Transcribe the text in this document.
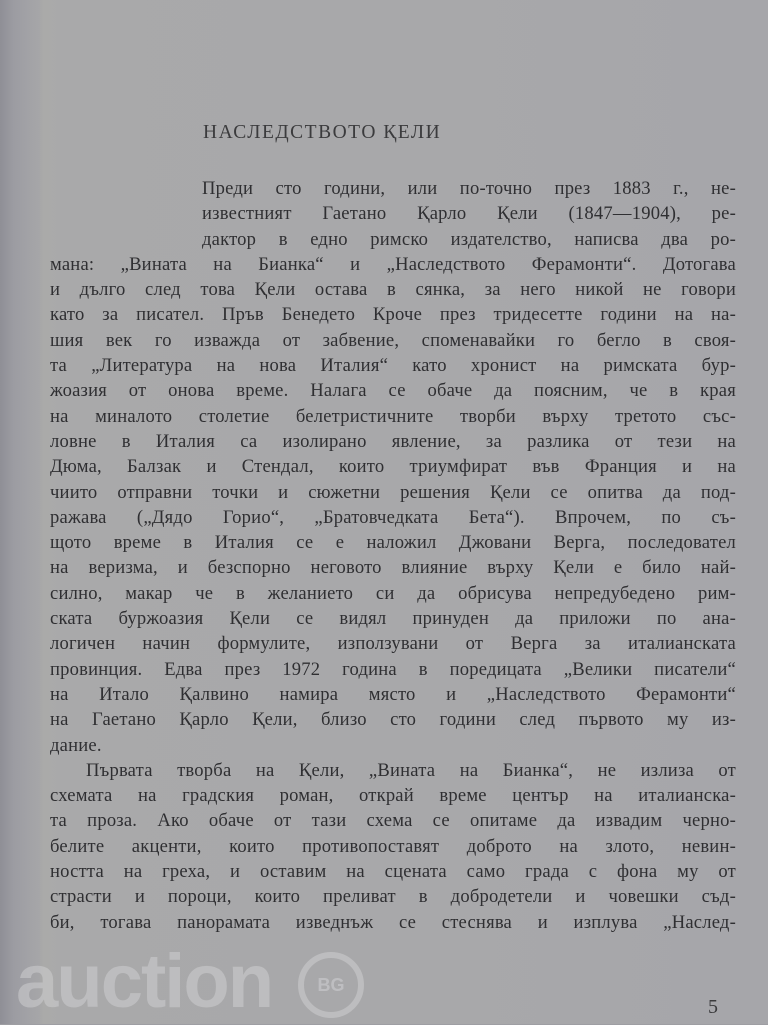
НАСЛЕДСТВОТО ҚЕЛИ
Преди сто години, или по-точно през 1883 г., не-
известният Гаетано Қарло Қели (1847—1904), ре-
дактор в едно римско издателство, написва два ро-
мана: „Вината на Бианка“ и „Наследството Ферамонти“. Дотогава
и дълго след това Қели остава в сянка, за него никой не говори
като за писател. Пръв Бенедето Кроче през тридесетте години на на-
шия век го изважда от забвение, споменавайки го бегло в своя-
та „Литература на нова Италия“ като хронист на римската бур-
жоазия от онова време. Налага се обаче да поясним, че в края
на миналото столетие белетристичните творби върху третото със-
ловне в Италия са изолирано явление, за разлика от тези на
Дюма, Балзак и Стендал, които триумфират във Франция и на
чиито отправни точки и сюжетни решения Қели се опитва да под-
ражава („Дядо Горио“, „Братовчедката Бета“). Впрочем, по съ-
щото време в Италия се е наложил Джовани Верга, последовател
на веризма, и безспорно неговото влияние върху Қели е било най-
силно, макар че в желанието си да обрисува непредубедено рим-
ската буржоазия Қели се видял принуден да приложи по ана-
логичен начин формулите, използувани от Верга за италианската
провинция. Едва през 1972 година в поредицата „Велики писатели“
на Итало Қалвино намира място и „Наследството Ферамонти“
на Гаетано Қарло Қели, близо сто години след първото му из-
дание.
Първата творба на Қели, „Вината на Бианка“, не излиза от
схемата на градския роман, открай време център на италианска-
та проза. Ако обаче от тази схема се опитаме да извадим черно-
белите акценти, които противопоставят доброто на злото, невин-
ността на греха, и оставим на сцената само града с фона му от
страсти и пороци, които преливат в добродетели и човешки съд-
би, тогава панорамата изведнъж се стеснява и изплува „Наслед-
auction	BG
5
